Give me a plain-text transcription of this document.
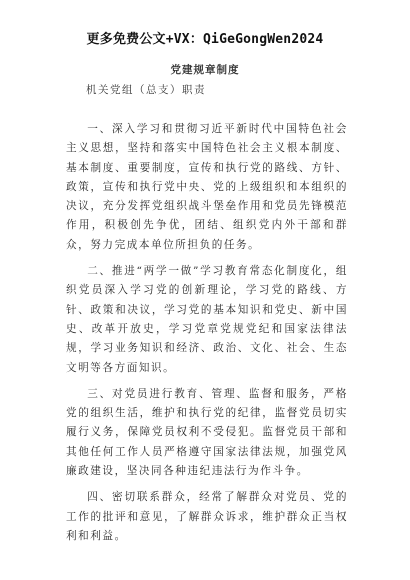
更多免费公文+VX：QiGeGongWen2024
党建规章制度
机关党组（总支）职责

一、深入学习和贯彻习近平新时代中国特色社会主义思想，坚持和落实中国特色社会主义根本制度、基本制度、重要制度，宣传和执行党的路线、方针、政策，宣传和执行党中央、党的上级组织和本组织的决议，充分发挥党组织战斗堡垒作用和党员先锋模范作用，积极创先争优，团结、组织党内外干部和群众，努力完成本单位所担负的任务。

二、推进“两学一做”学习教育常态化制度化，组织党员深入学习党的创新理论，学习党的路线、方针、政策和决议，学习党的基本知识和党史、新中国史、改革开放史，学习党章党规党纪和国家法律法规，学习业务知识和经济、政治、文化、社会、生态文明等各方面知识。

三、对党员进行教育、管理、监督和服务，严格党的组织生活，维护和执行党的纪律，监督党员切实履行义务，保障党员权利不受侵犯。监督党员干部和其他任何工作人员严格遵守国家法律法规，加强党风廉政建设，坚决同各种违纪违法行为作斗争。

四、密切联系群众，经常了解群众对党员、党的工作的批评和意见，了解群众诉求，维护群众正当权利和利益。
